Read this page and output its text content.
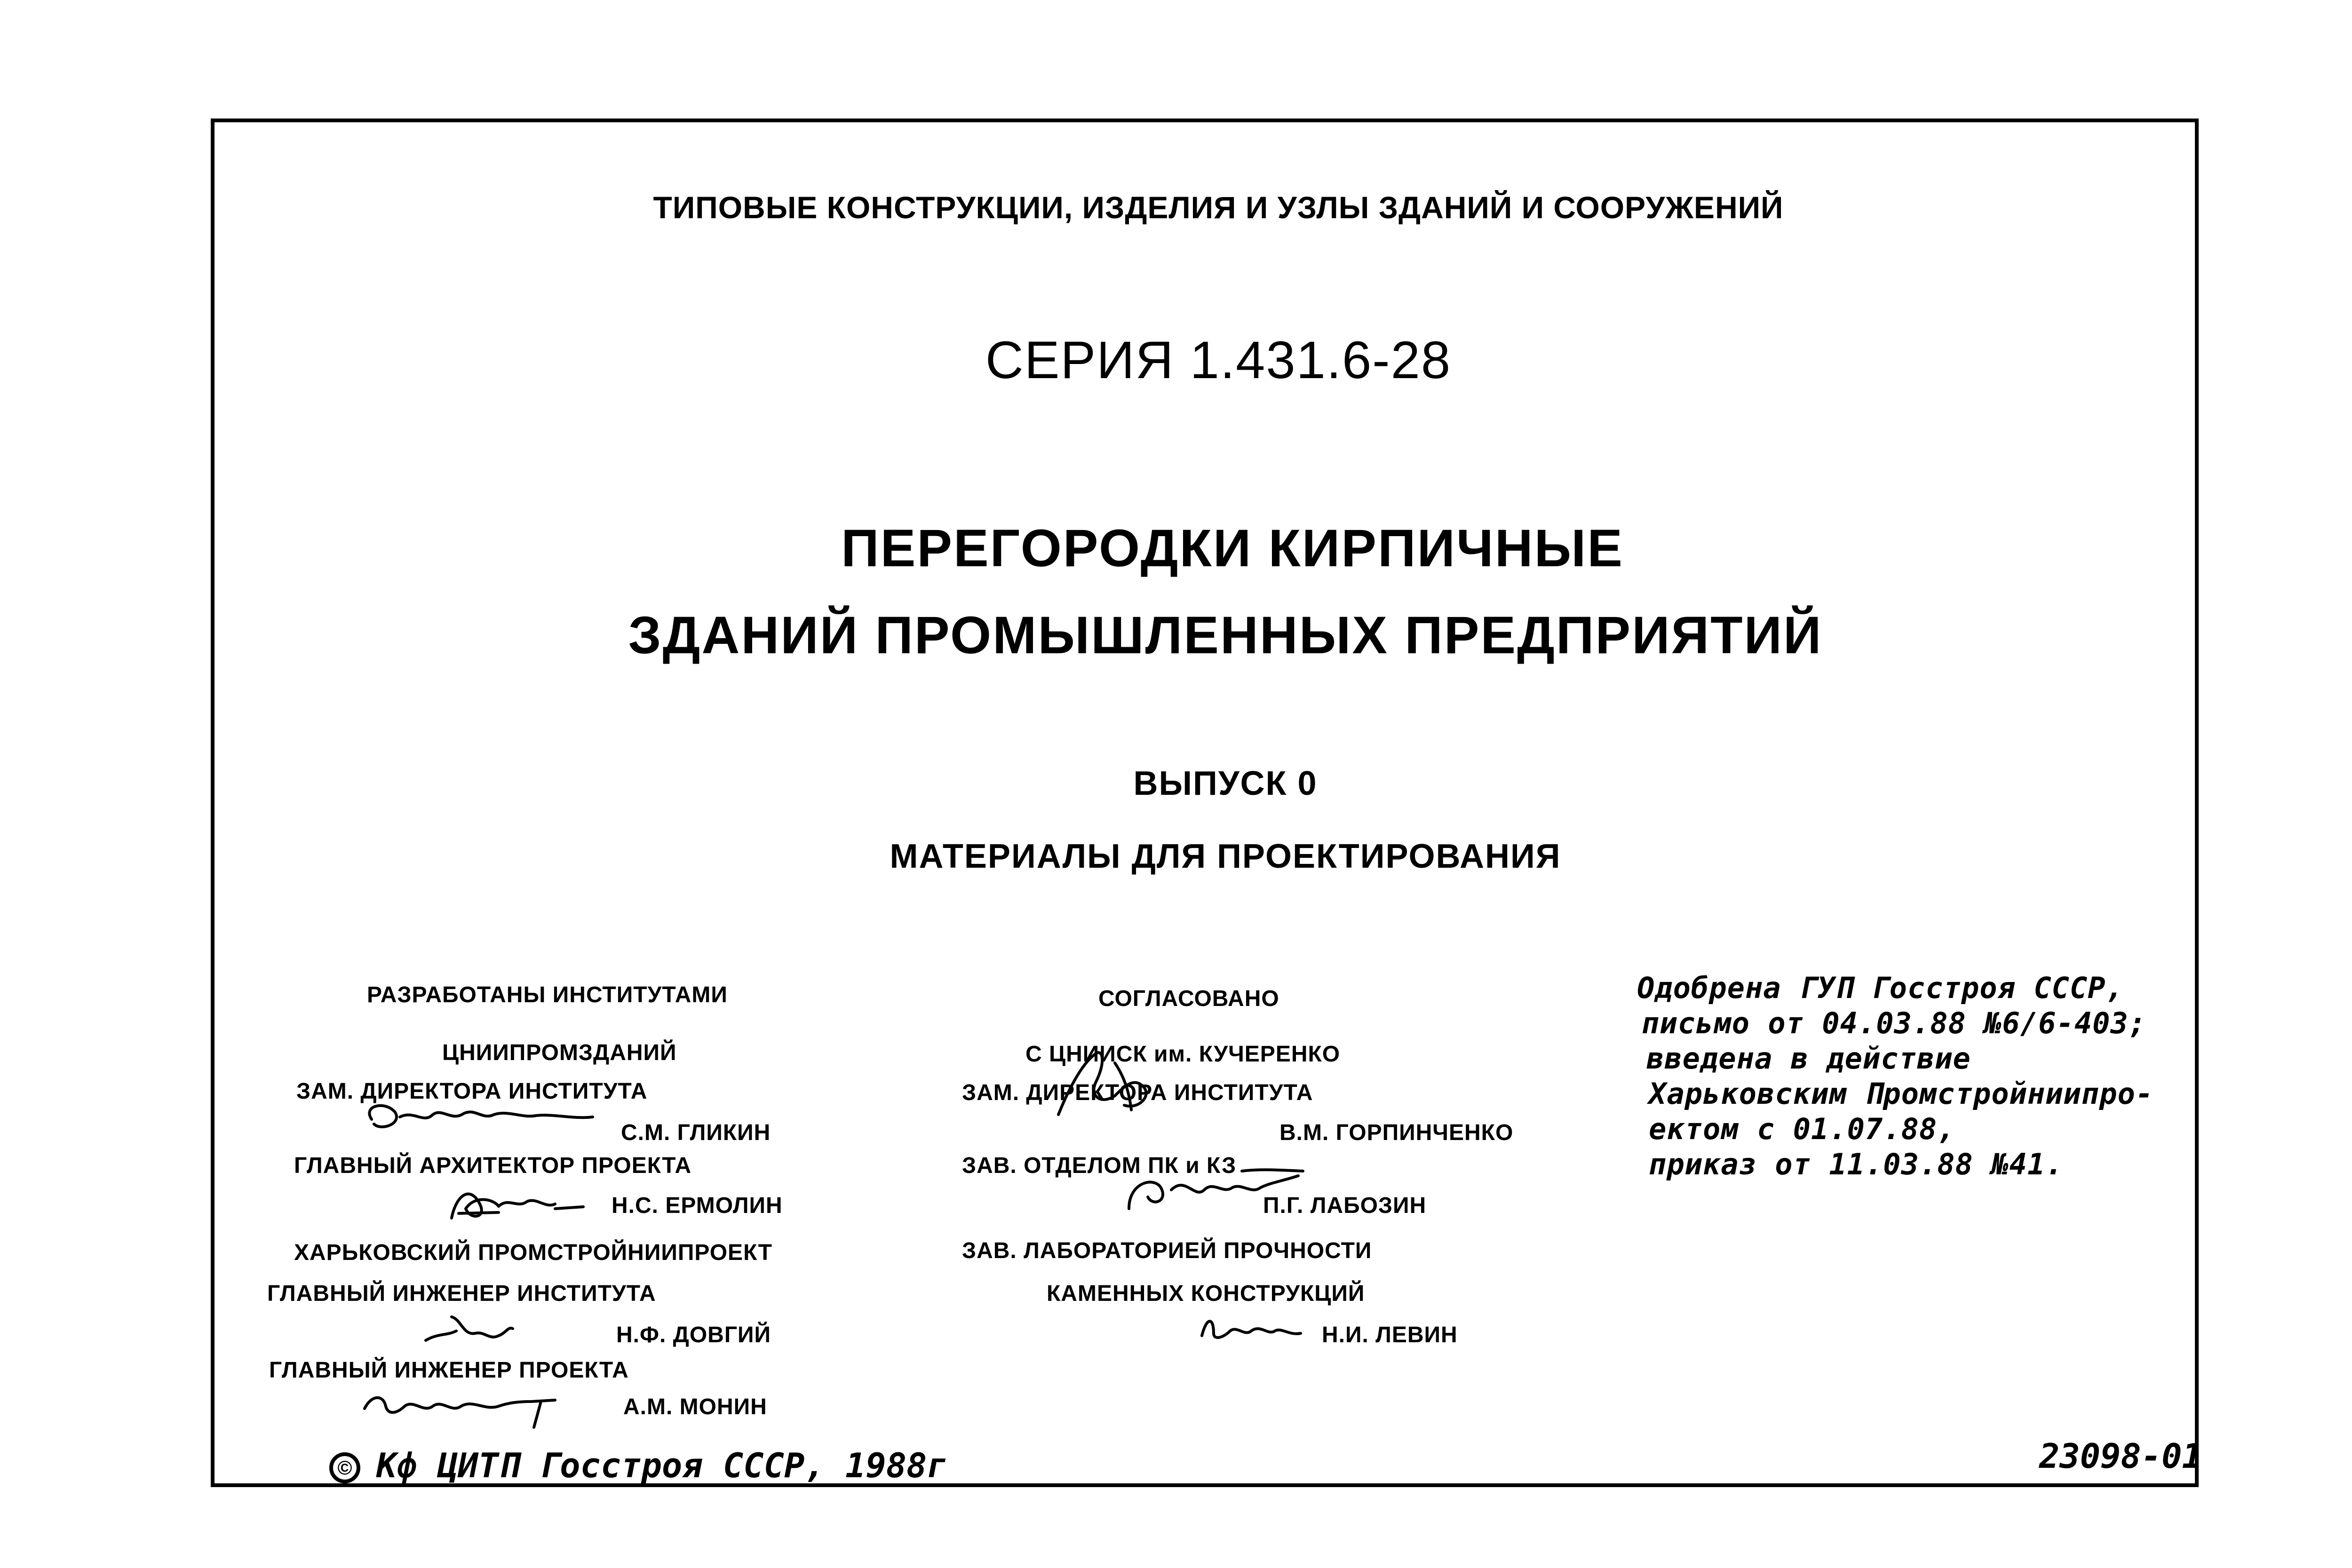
ТИПОВЫЕ КОНСТРУКЦИИ, ИЗДЕЛИЯ И УЗЛЫ ЗДАНИЙ И СООРУЖЕНИЙ
СЕРИЯ 1.431.6-28
ПЕРЕГОРОДКИ КИРПИЧНЫЕ
ЗДАНИЙ ПРОМЫШЛЕННЫХ ПРЕДПРИЯТИЙ
ВЫПУСК 0
МАТЕРИАЛЫ ДЛЯ ПРОЕКТИРОВАНИЯ
РАЗРАБОТАНЫ ИНСТИТУТАМИ
ЦНИИПРОМЗДАНИЙ
ЗАМ. ДИРЕКТОРА ИНСТИТУТА
С.М. ГЛИКИН
ГЛАВНЫЙ АРХИТЕКТОР ПРОЕКТА
Н.С. ЕРМОЛИН
ХАРЬКОВСКИЙ ПРОМСТРОЙНИИПРОЕКТ
ГЛАВНЫЙ ИНЖЕНЕР ИНСТИТУТА
Н.Ф. ДОВГИЙ
ГЛАВНЫЙ ИНЖЕНЕР ПРОЕКТА
А.М. МОНИН
СОГЛАСОВАНО
С ЦНИИСК им. КУЧЕРЕНКО
ЗАМ. ДИРЕКТОРА ИНСТИТУТА
В.М. ГОРПИНЧЕНКО
ЗАВ. ОТДЕЛОМ ПК и КЗ
П.Г. ЛАБОЗИН
ЗАВ. ЛАБОРАТОРИЕЙ ПРОЧНОСТИ
КАМЕННЫХ КОНСТРУКЦИЙ
Н.И. ЛЕВИН
Одобрена ГУП Госстроя СССР,
письмо от 04.03.88 №6/6-403;
введена в действие
Харьковским Промстройниипро-
ектом с 01.07.88,
приказ от 11.03.88 №41.
© Кф ЦИТП Госстроя СССР, 1988г	23098-01
